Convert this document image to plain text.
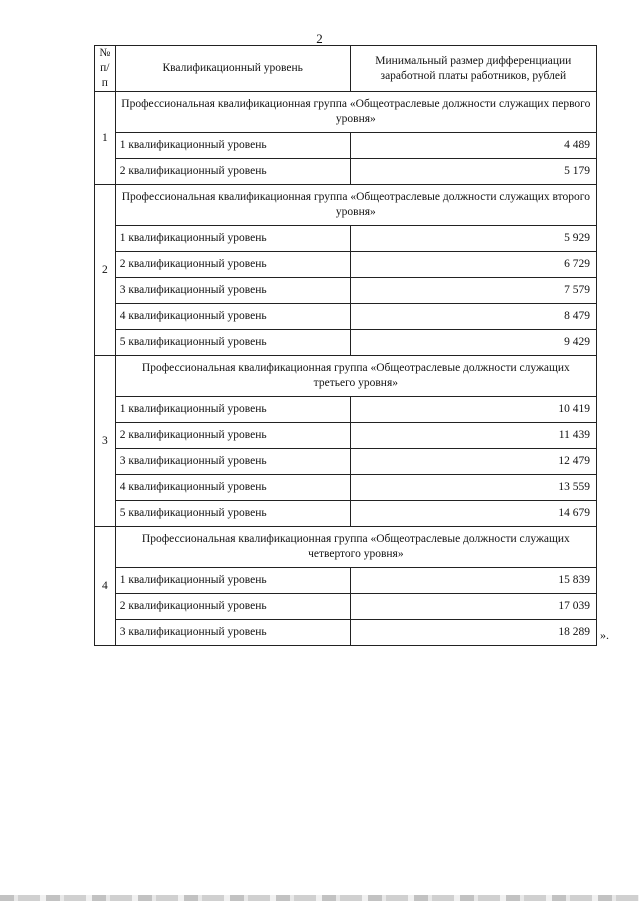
2
№ п/п	Квалификационный уровень	Минимальный размер дифференциации заработной платы работников, рублей
1	Профессиональная квалификационная группа «Общеотраслевые должности служащих первого уровня»	
	1 квалификационный уровень	4 489
	2 квалификационный уровень	5 179
2	Профессиональная квалификационная группа «Общеотраслевые должности служащих второго уровня»	
	1 квалификационный уровень	5 929
	2 квалификационный уровень	6 729
	3 квалификационный уровень	7 579
	4 квалификационный уровень	8 479
	5 квалификационный уровень	9 429
3	Профессиональная квалификационная группа «Общеотраслевые должности служащих третьего уровня»	
	1 квалификационный уровень	10 419
	2 квалификационный уровень	11 439
	3 квалификационный уровень	12 479
	4 квалификационный уровень	13 559
	5 квалификационный уровень	14 679
4	Профессиональная квалификационная группа «Общеотраслевые должности служащих четвертого уровня»	
	1 квалификационный уровень	15 839
	2 квалификационный уровень	17 039
	3 квалификационный уровень	18 289 ».
